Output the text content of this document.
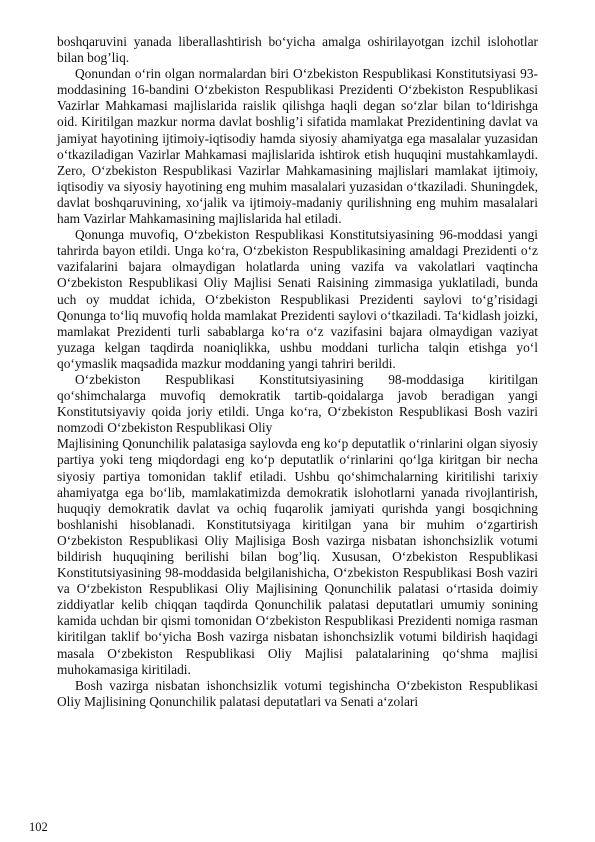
boshqaruvini yanada liberallashtirish bo‘yicha amalga oshirilayotgan izchil islohotlar bilan bog’liq.

Qonundan o‘rin olgan normalardan biri O‘zbekiston Respublikasi Konstitutsiyasi 93-moddasining 16-bandini O‘zbekiston Respublikasi Prezidenti O‘zbekiston Respublikasi Vazirlar Mahkamasi majlislarida raislik qilishga haqli degan so‘zlar bilan to‘ldirishga oid. Kiritilgan mazkur norma davlat boshlig’i sifatida mamlakat Prezidentining davlat va jamiyat hayotining ijtimoiy-iqtisodiy hamda siyosiy ahamiyatga ega masalalar yuzasidan o‘tkaziladigan Vazirlar Mahkamasi majlislarida ishtirok etish huquqini mustahkamlaydi. Zero, O‘zbekiston Respublikasi Vazirlar Mahkamasining majlislari mamlakat ijtimoiy, iqtisodiy va siyosiy hayotining eng muhim masalalari yuzasidan o‘tkaziladi. Shuningdek, davlat boshqaruvining, xo‘jalik va ijtimoiy-madaniy qurilishning eng muhim masalalari ham Vazirlar Mahkamasining majlislarida hal etiladi.

Qonunga muvofiq, O‘zbekiston Respublikasi Konstitutsiyasining 96-moddasi yangi tahrirda bayon etildi. Unga ko‘ra, O‘zbekiston Respublikasining amaldagi Prezidenti o‘z vazifalarini bajara olmaydigan holatlarda uning vazifa va vakolatlari vaqtincha O‘zbekiston Respublikasi Oliy Majlisi Senati Raisining zimmasiga yuklatiladi, bunda uch oy muddat ichida, O‘zbekiston Respublikasi Prezidenti saylovi to‘g’risidagi Qonunga to‘liq muvofiq holda mamlakat Prezidenti saylovi o‘tkaziladi. Ta‘kidlash joizki, mamlakat Prezidenti turli sabablarga ko‘ra o‘z vazifasini bajara olmaydigan vaziyat yuzaga kelgan taqdirda noaniqlikka, ushbu moddani turlicha talqin etishga yo‘l qo‘ymaslik maqsadida mazkur moddaning yangi tahriri berildi.

O‘zbekiston Respublikasi Konstitutsiyasining 98-moddasiga kiritilgan qo‘shimchalarga muvofiq demokratik tartib-qoidalarga javob beradigan yangi Konstitutsiyaviy qoida joriy etildi. Unga ko‘ra, O‘zbekiston Respublikasi Bosh vaziri nomzodi O‘zbekiston Respublikasi Oliy

Majlisining Qonunchilik palatasiga saylovda eng ko‘p deputatlik o‘rinlarini olgan siyosiy partiya yoki teng miqdordagi eng ko‘p deputatlik o‘rinlarini qo‘lga kiritgan bir necha siyosiy partiya tomonidan taklif etiladi. Ushbu qo‘shimchalarning kiritilishi tarixiy ahamiyatga ega bo‘lib, mamlakatimizda demokratik islohotlarni yanada rivojlantirish, huquqiy demokratik davlat va ochiq fuqarolik jamiyati qurishda yangi bosqichning boshlanishi hisoblanadi. Konstitutsiyaga kiritilgan yana bir muhim o‘zgartirish O‘zbekiston Respublikasi Oliy Majlisiga Bosh vazirga nisbatan ishonchsizlik votumi bildirish huquqining berilishi bilan bog’liq. Xususan, O‘zbekiston Respublikasi Konstitutsiyasining 98-moddasida belgilanishicha, O‘zbekiston Respublikasi Bosh vaziri va O‘zbekiston Respublikasi Oliy Majlisining Qonunchilik palatasi o‘rtasida doimiy ziddiyatlar kelib chiqqan taqdirda Qonunchilik palatasi deputatlari umumiy sonining kamida uchdan bir qismi tomonidan O‘zbekiston Respublikasi Prezidenti nomiga rasman kiritilgan taklif bo‘yicha Bosh vazirga nisbatan ishonchsizlik votumi bildirish haqidagi masala O‘zbekiston Respublikasi Oliy Majlisi palatalarining qo‘shma majlisi muhokamasiga kiritiladi.

Bosh vazirga nisbatan ishonchsizlik votumi tegishincha O‘zbekiston Respublikasi Oliy Majlisining Qonunchilik palatasi deputatlari va Senati a‘zolari

102
